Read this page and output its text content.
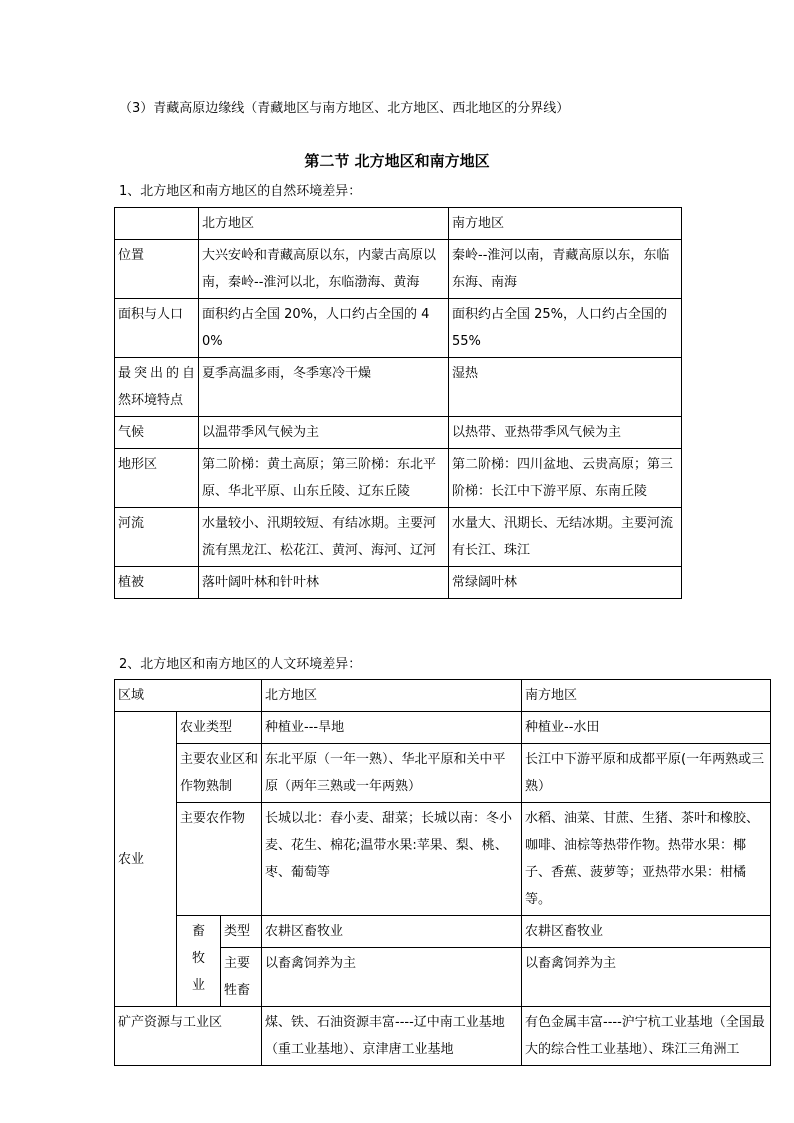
（3）青藏高原边缘线（青藏地区与南方地区、北方地区、西北地区的分界线）
第二节 北方地区和南方地区
1、北方地区和南方地区的自然环境差异：
	北方地区	南方地区
位置	大兴安岭和青藏高原以东，内蒙古高原以南，秦岭--淮河以北，东临渤海、黄海	秦岭--淮河以南，青藏高原以东，东临东海、南海
面积与人口	面积约占全国 20%，人口约占全国的 40%	面积约占全国 25%，人口约占全国的 55%
最突出的自然环境特点	夏季高温多雨，冬季寒冷干燥	湿热
气候	以温带季风气候为主	以热带、亚热带季风气候为主
地形区	第二阶梯：黄土高原；第三阶梯：东北平原、华北平原、山东丘陵、辽东丘陵	第二阶梯：四川盆地、云贵高原；第三阶梯：长江中下游平原、东南丘陵
河流	水量较小、汛期较短、有结冰期。主要河流有黑龙江、松花江、黄河、海河、辽河	水量大、汛期长、无结冰期。主要河流有长江、珠江
植被	落叶阔叶林和针叶林	常绿阔叶林
2、北方地区和南方地区的人文环境差异：
区域			北方地区	南方地区
农业	农业类型		种植业---旱地	种植业--水田
	主要农业区和作物熟制		东北平原（一年一熟）、华北平原和关中平原（两年三熟或一年两熟）	长江中下游平原和成都平原(一年两熟或三熟）
	主要农作物		长城以北：春小麦、甜菜；长城以南：冬小麦、花生、棉花;温带水果:苹果、梨、桃、枣、葡萄等	水稻、油菜、甘蔗、生猪、茶叶和橡胶、咖啡、油棕等热带作物。热带水果：椰子、香蕉、菠萝等；亚热带水果：柑橘等。
	畜
牧
业	类型	农耕区畜牧业	农耕区畜牧业
		主要牲畜	以畜禽饲养为主	以畜禽饲养为主

矿产资源与工业区	煤、铁、石油资源丰富----辽中南工业基地（重工业基地）、京津唐工业基地	有色金属丰富----沪宁杭工业基地（全国最大的综合性工业基地）、珠江三角洲工
